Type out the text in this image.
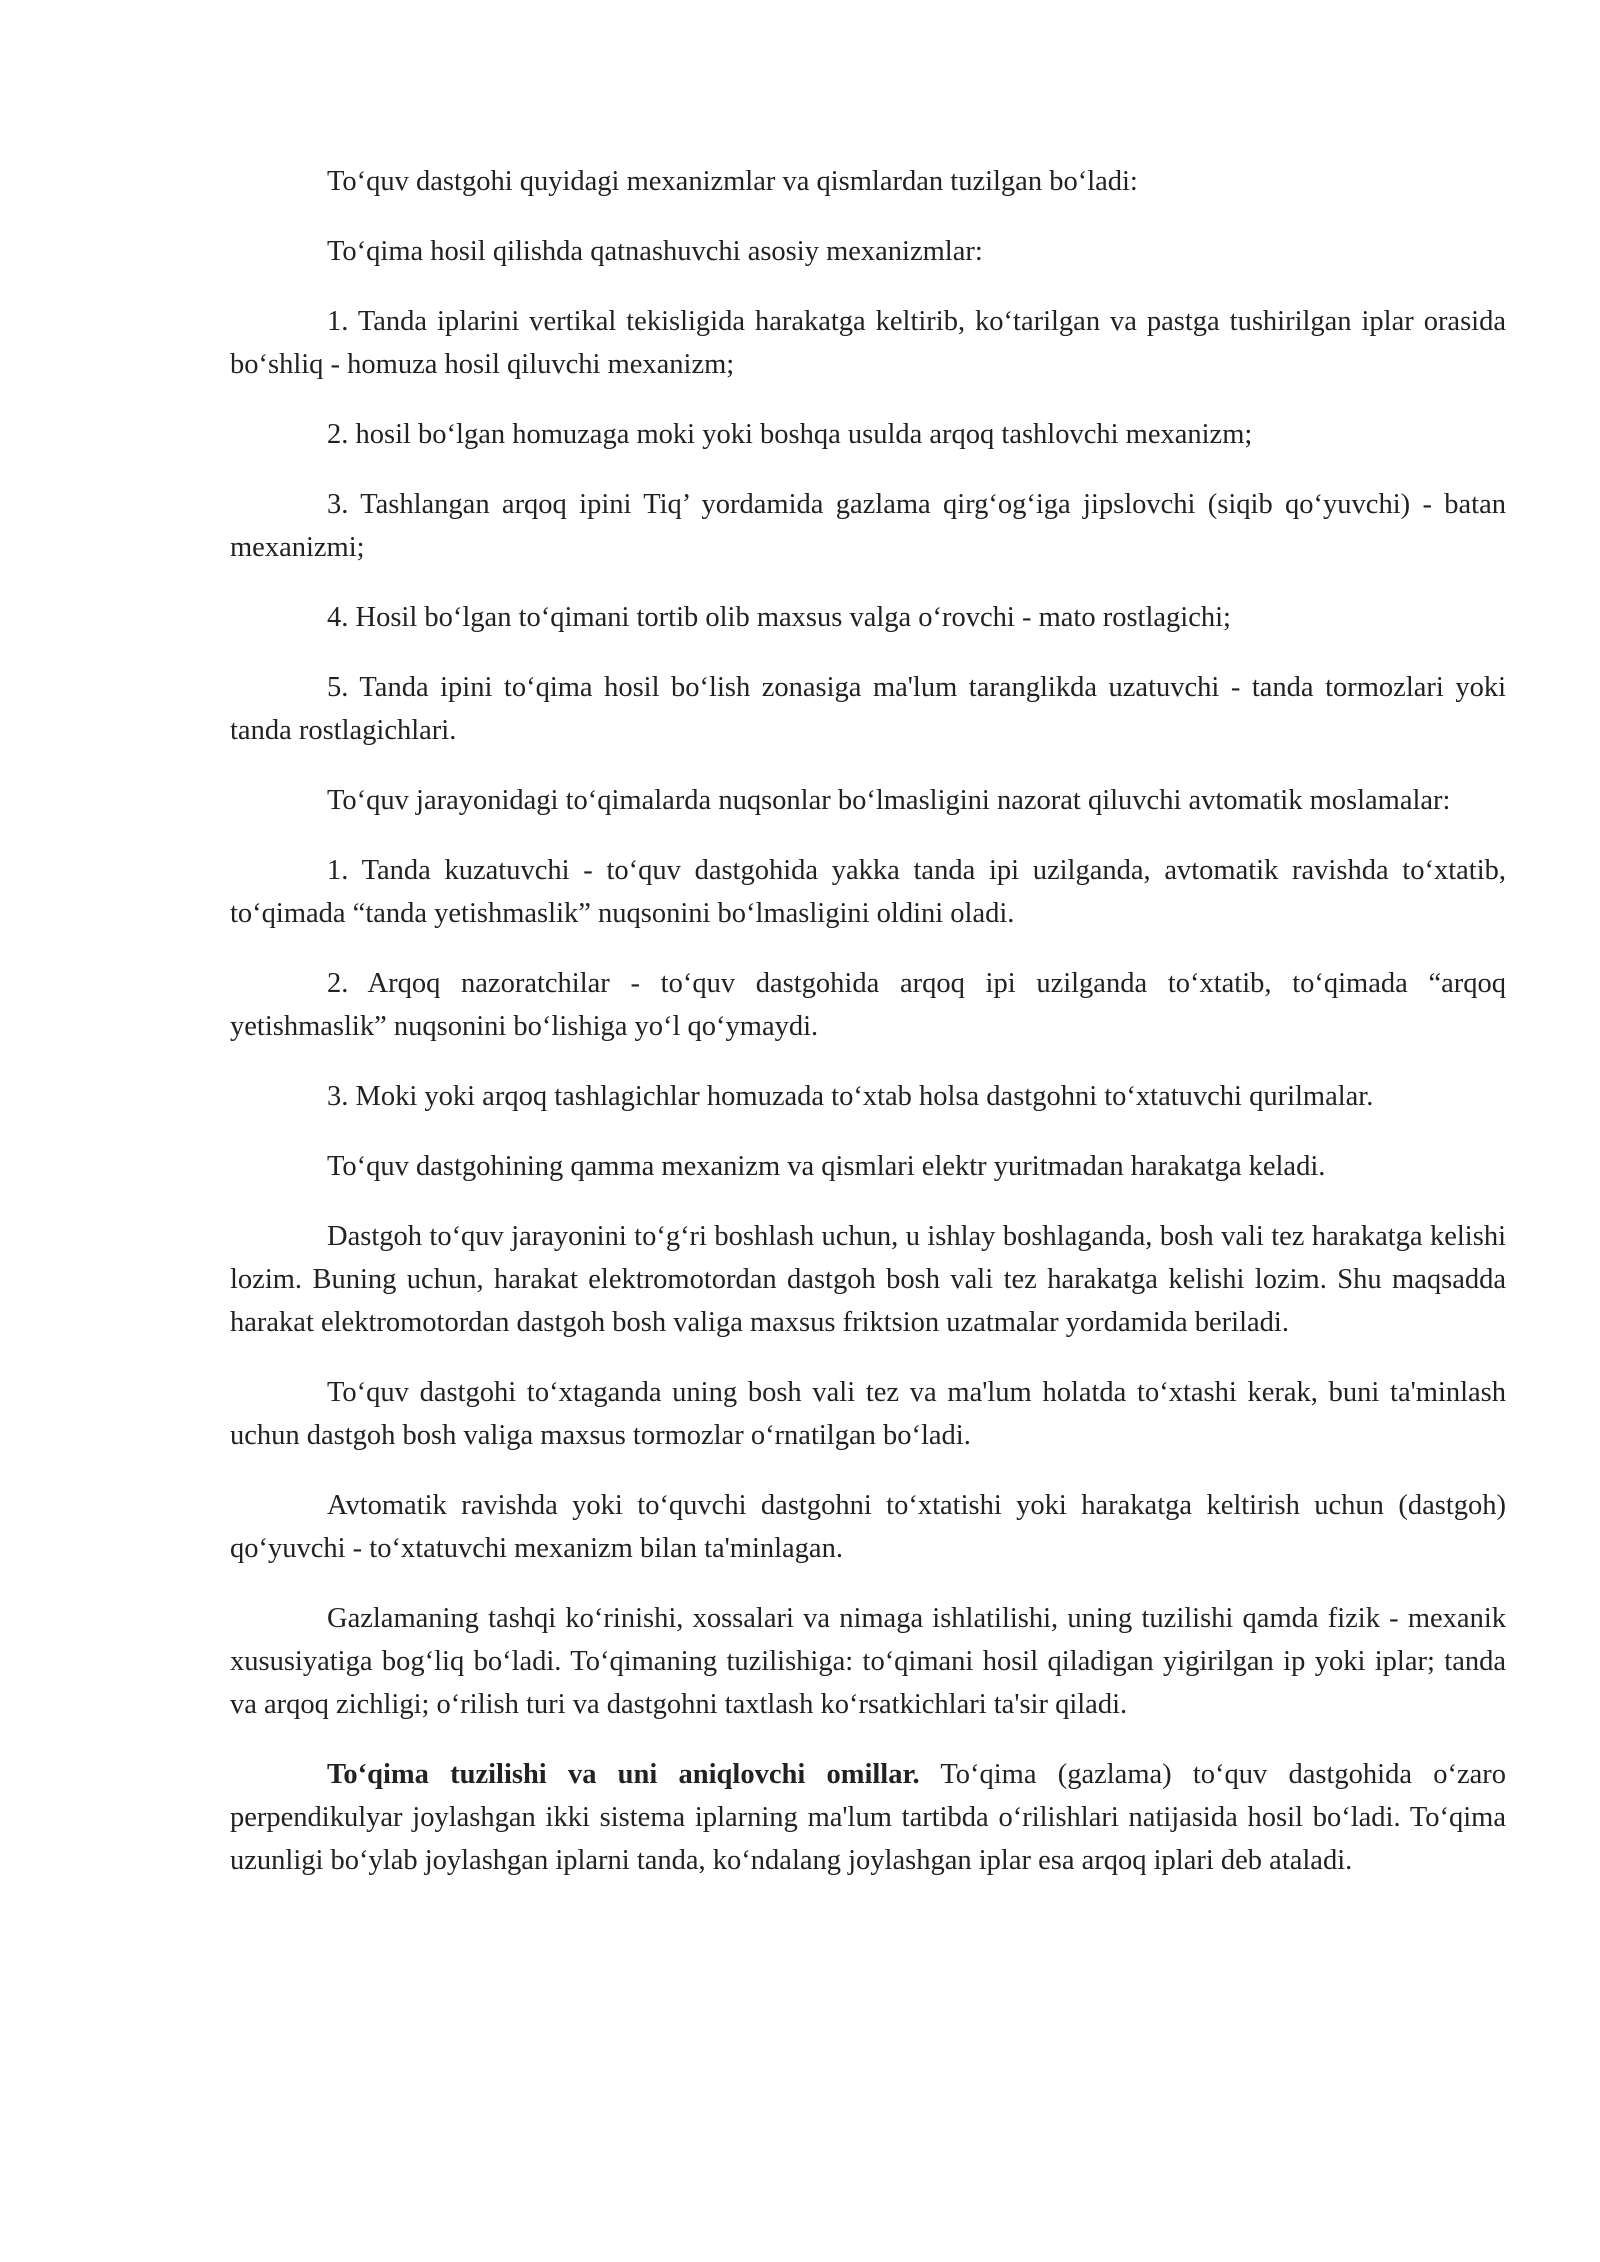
To‘quv dastgohi quyidagi mexanizmlar va qismlardan tuzilgan bo‘ladi:

To‘qima hosil qilishda qatnashuvchi asosiy mexanizmlar:

1. Tanda iplarini vertikal tekisligida harakatga keltirib, ko‘tarilgan va pastga tushirilgan iplar orasida bo‘shliq - homuza hosil qiluvchi mexanizm;

2. hosil bo‘lgan homuzaga moki yoki boshqa usulda arqoq tashlovchi mexanizm;

3. Tashlangan arqoq ipini Tiq’ yordamida gazlama qirg‘og‘iga jipslovchi (siqib qo‘yuvchi) - batan mexanizmi;

4. Hosil bo‘lgan to‘qimani tortib olib maxsus valga o‘rovchi - mato rostlagichi;

5. Tanda ipini to‘qima hosil bo‘lish zonasiga ma'lum taranglikda uzatuvchi - tanda tormozlari yoki tanda rostlagichlari.

To‘quv jarayonidagi to‘qimalarda nuqsonlar bo‘lmasligini nazorat qiluvchi avtomatik moslamalar:

1. Tanda kuzatuvchi - to‘quv dastgohida yakka tanda ipi uzilganda, avtomatik ravishda to‘xtatib, to‘qimada “tanda yetishmaslik” nuqsonini bo‘lmasligini oldini oladi.

2. Arqoq nazoratchilar - to‘quv dastgohida arqoq ipi uzilganda to‘xtatib, to‘qimada “arqoq yetishmaslik” nuqsonini bo‘lishiga yo‘l qo‘ymaydi.

3. Moki yoki arqoq tashlagichlar homuzada to‘xtab holsa dastgohni to‘xtatuvchi qurilmalar.

To‘quv dastgohining qamma mexanizm va qismlari elektr yuritmadan harakatga keladi.

Dastgoh to‘quv jarayonini to‘g‘ri boshlash uchun, u ishlay boshlaganda, bosh vali tez harakatga kelishi lozim. Buning uchun, harakat elektromotordan dastgoh bosh vali tez harakatga kelishi lozim. Shu maqsadda harakat elektromotordan dastgoh bosh valiga maxsus friktsion uzatmalar yordamida beriladi.

To‘quv dastgohi to‘xtaganda uning bosh vali tez va ma'lum holatda to‘xtashi kerak, buni ta'minlash uchun dastgoh bosh valiga maxsus tormozlar o‘rnatilgan bo‘ladi.

Avtomatik ravishda yoki to‘quvchi dastgohni to‘xtatishi yoki harakatga keltirish uchun (dastgoh) qo‘yuvchi - to‘xtatuvchi mexanizm bilan ta'minlagan.

Gazlamaning tashqi ko‘rinishi, xossalari va nimaga ishlatilishi, uning tuzilishi qamda fizik - mexanik xususiyatiga bog‘liq bo‘ladi. To‘qimaning tuzilishiga: to‘qimani hosil qiladigan yigirilgan ip yoki iplar; tanda va arqoq zichligi; o‘rilish turi va dastgohni taxtlash ko‘rsatkichlari ta'sir qiladi.

To‘qima tuzilishi va uni aniqlovchi omillar. To‘qima (gazlama) to‘quv dastgohida o‘zaro perpendikulyar joylashgan ikki sistema iplarning ma'lum tartibda o‘rilishlari natijasida hosil bo‘ladi. To‘qima uzunligi bo‘ylab joylashgan iplarni tanda, ko‘ndalang joylashgan iplar esa arqoq iplari deb ataladi.
